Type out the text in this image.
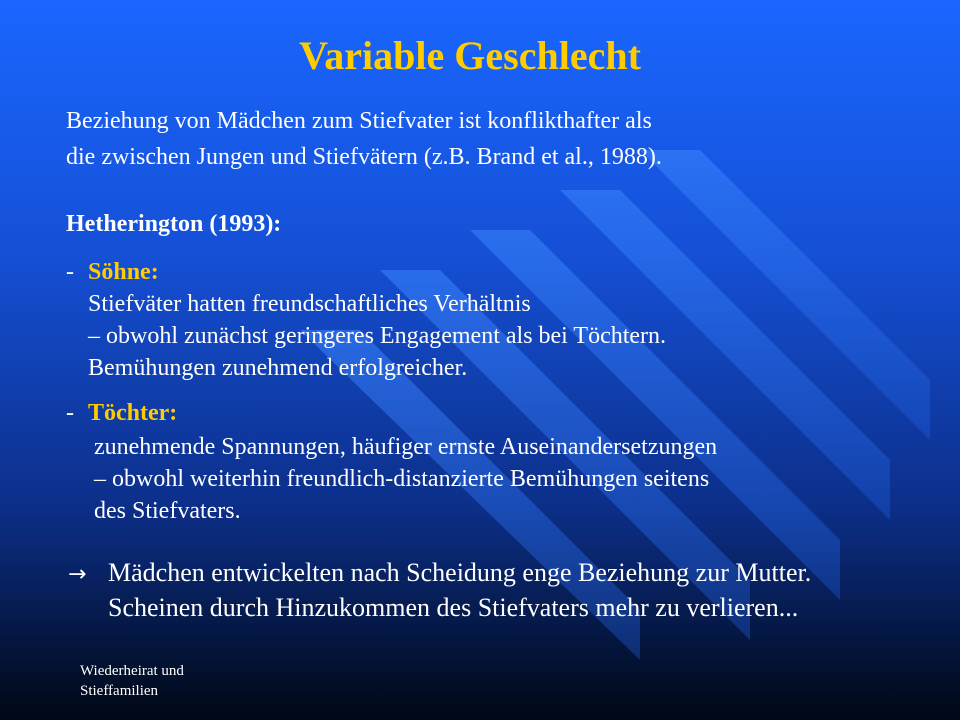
Variable Geschlecht
Beziehung von Mädchen zum Stiefvater ist konflikthafter als
die zwischen Jungen und Stiefvätern (z.B. Brand et al., 1988).
Hetherington (1993):
- Söhne:
Stiefväter hatten freundschaftliches Verhältnis
– obwohl zunächst geringeres Engagement als bei Töchtern.
Bemühungen zunehmend erfolgreicher.
- Töchter:
zunehmende Spannungen, häufiger ernste Auseinandersetzungen
– obwohl weiterhin freundlich-distanzierte Bemühungen seitens
des Stiefvaters.
→ Mädchen entwickelten nach Scheidung enge Beziehung zur Mutter.
Scheinen durch Hinzukommen des Stiefvaters mehr zu verlieren...
Wiederheirat und
Stieffamilien
